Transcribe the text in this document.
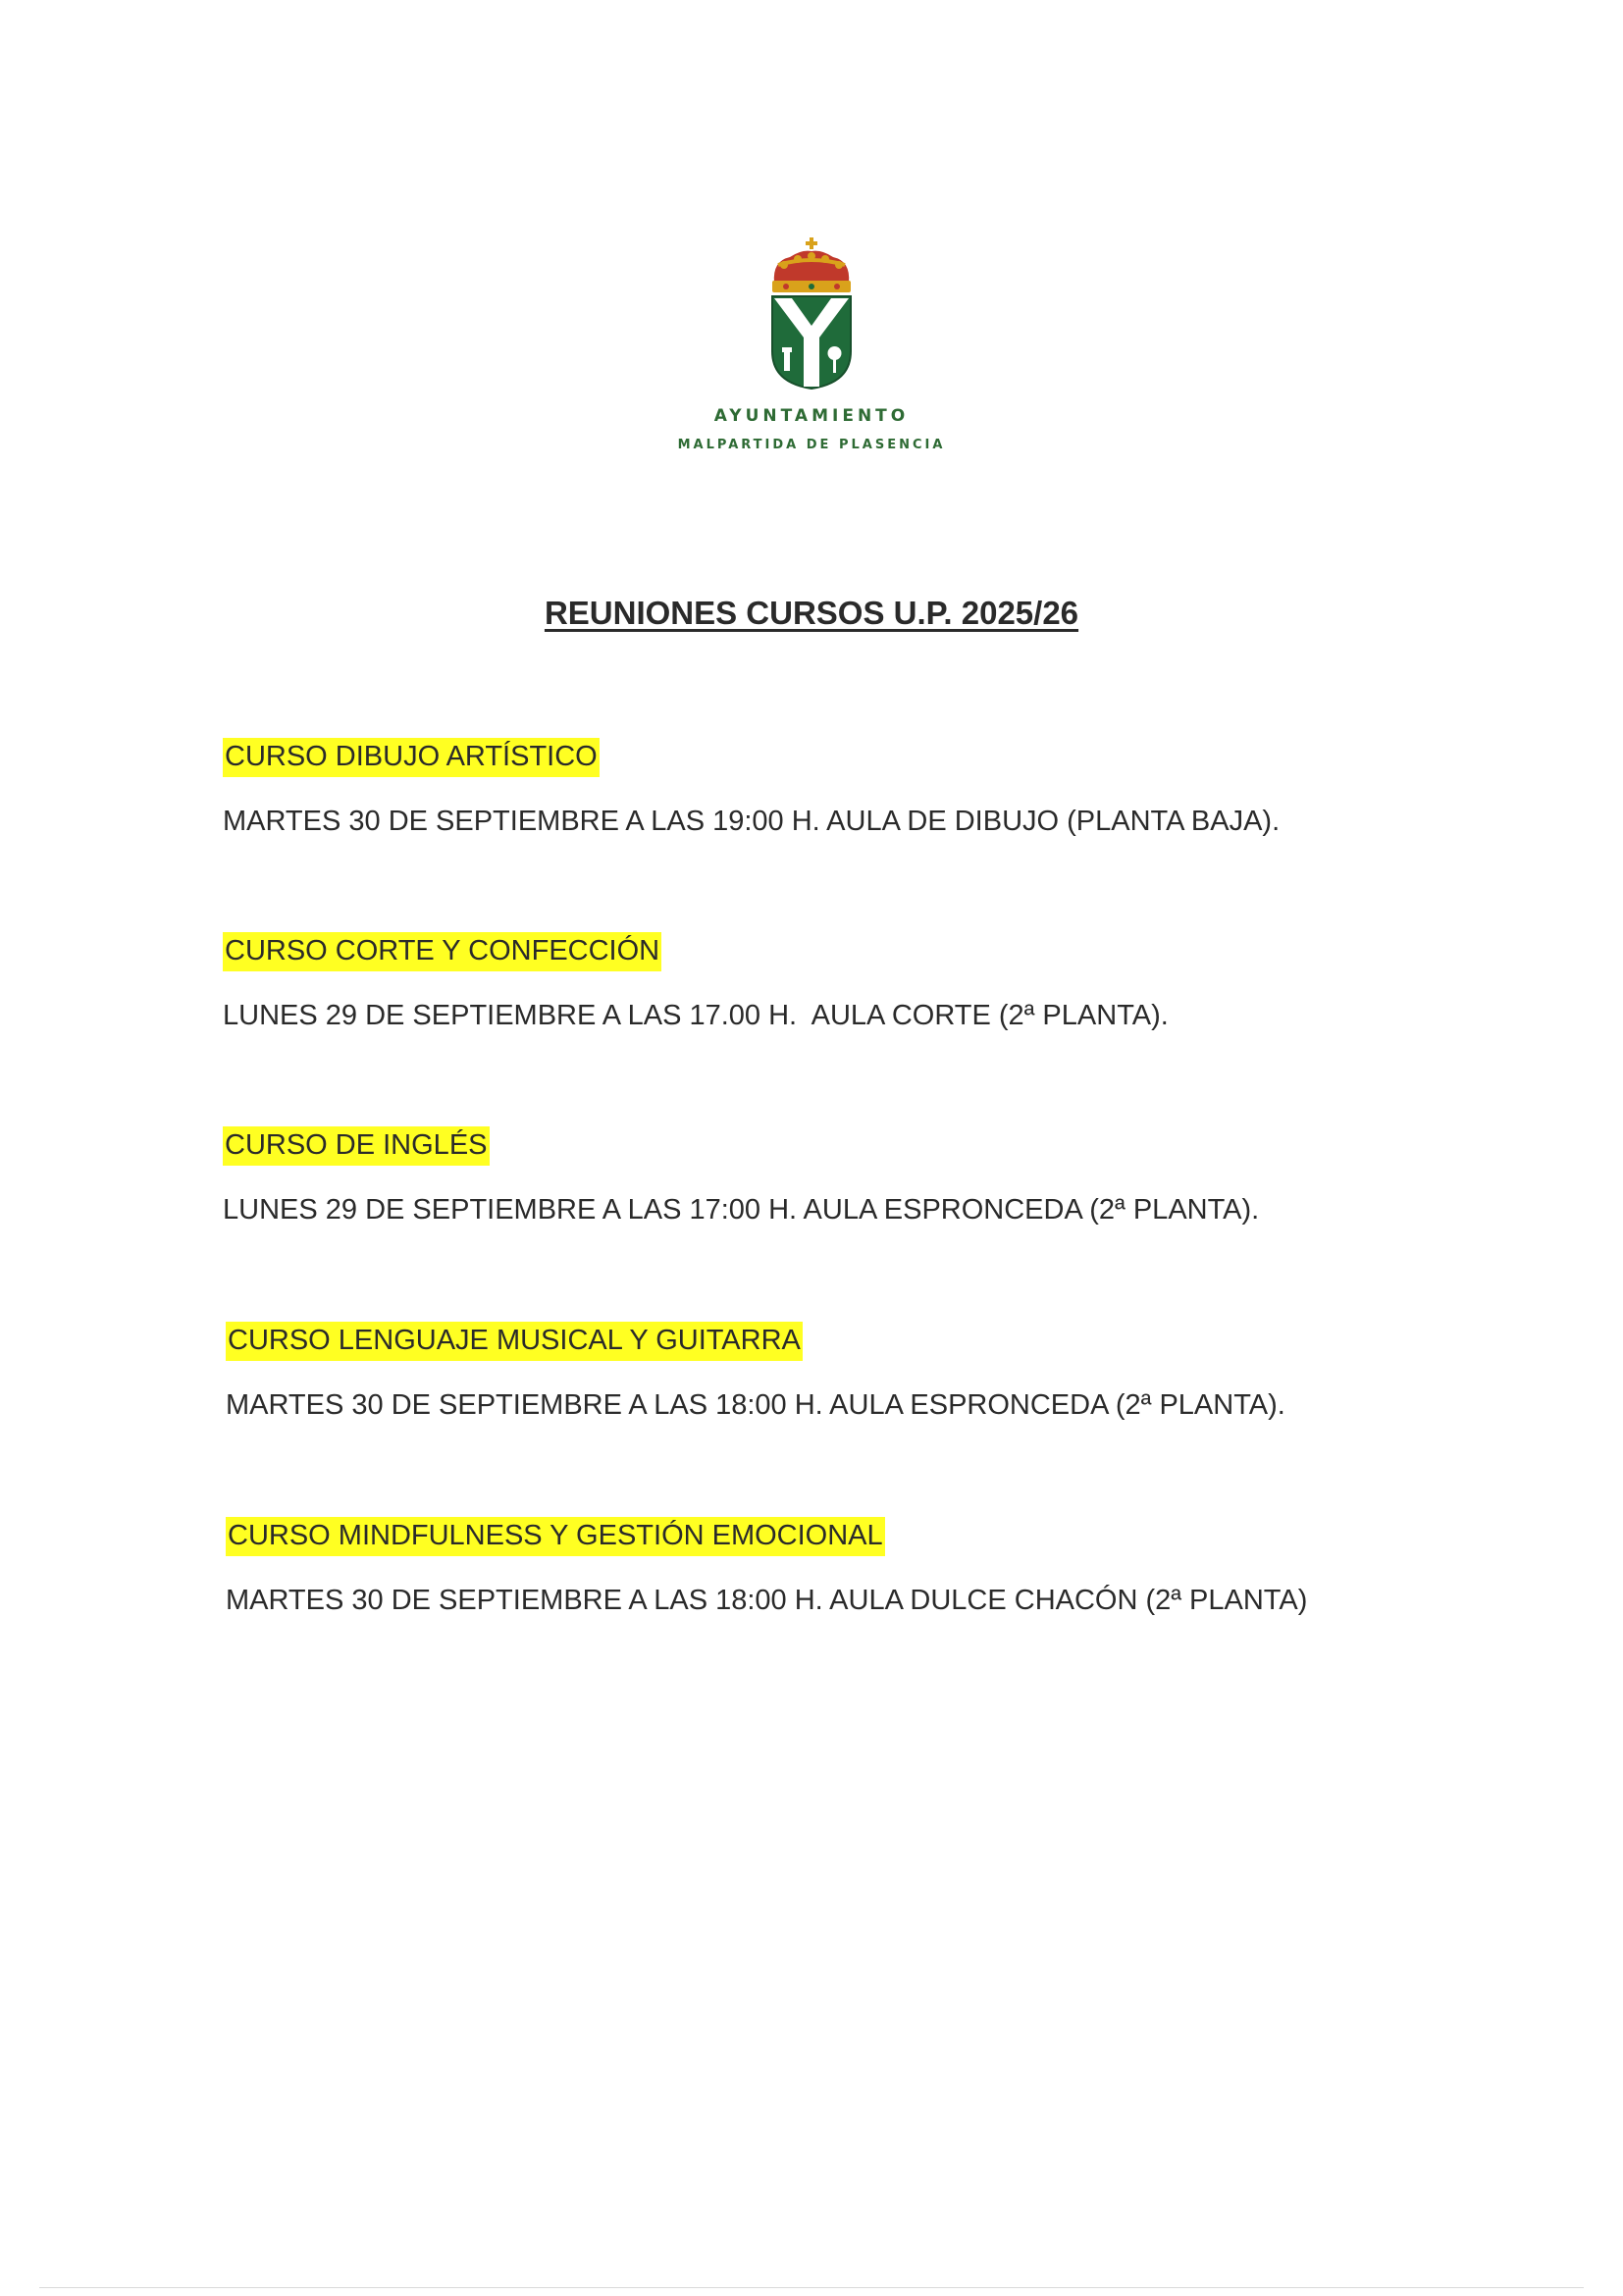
AYUNTAMIENTO
MALPARTIDA DE PLASENCIA
REUNIONES CURSOS U.P. 2025/26
CURSO DIBUJO ARTÍSTICO
MARTES 30 DE SEPTIEMBRE A LAS 19:00 H. AULA DE DIBUJO (PLANTA BAJA).
CURSO CORTE Y CONFECCIÓN
LUNES 29 DE SEPTIEMBRE A LAS 17.00 H.  AULA CORTE (2ª PLANTA).
CURSO DE INGLÉS
LUNES 29 DE SEPTIEMBRE A LAS 17:00 H. AULA ESPRONCEDA (2ª PLANTA).
CURSO LENGUAJE MUSICAL Y GUITARRA
MARTES 30 DE SEPTIEMBRE A LAS 18:00 H. AULA ESPRONCEDA (2ª PLANTA).
CURSO MINDFULNESS Y GESTIÓN EMOCIONAL
MARTES 30 DE SEPTIEMBRE A LAS 18:00 H. AULA DULCE CHACÓN (2ª PLANTA)
